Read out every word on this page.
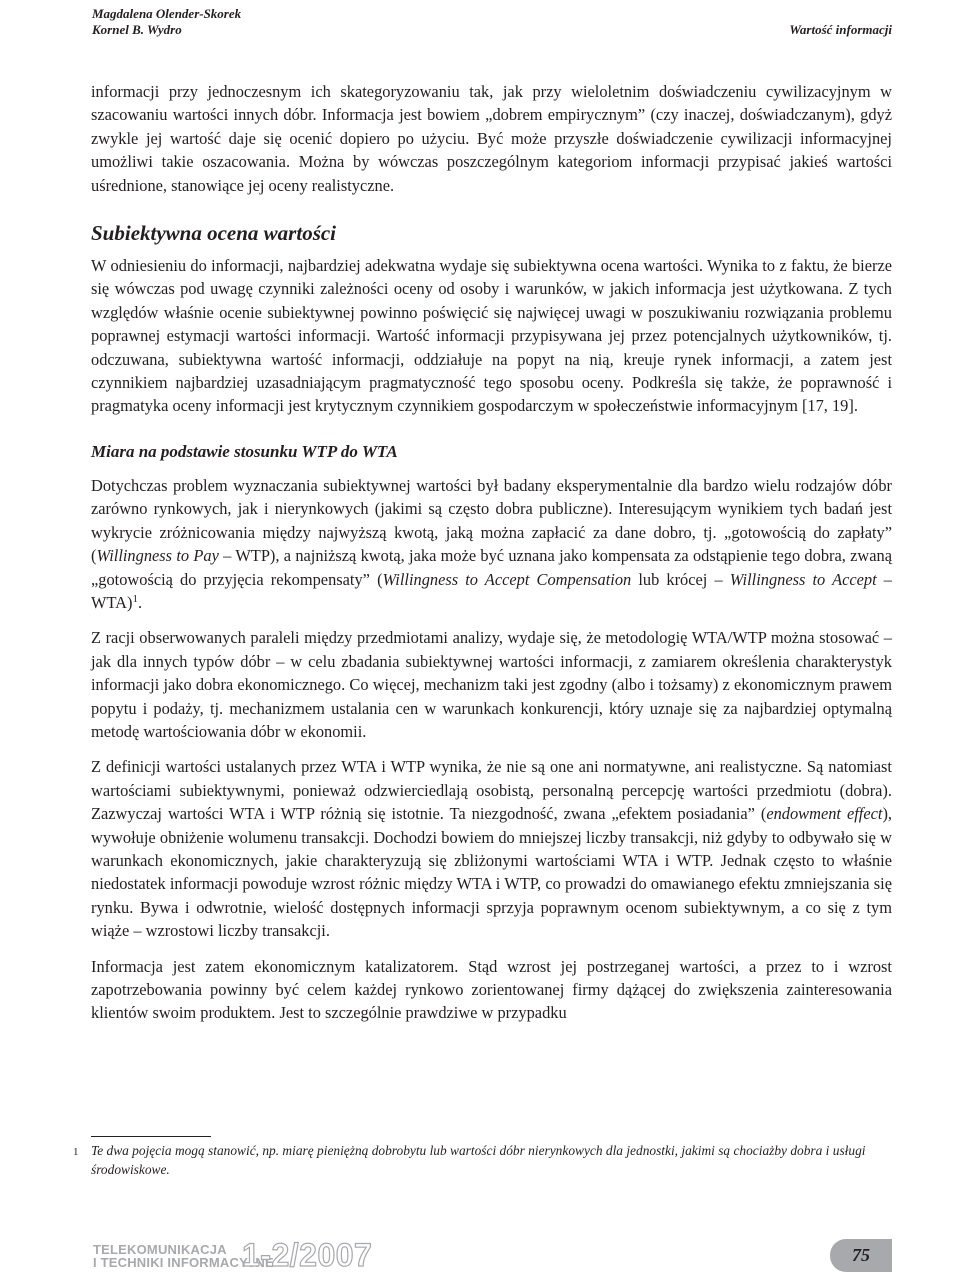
Magdalena Olender-Skorek
Kornel B. Wydro	Wartość informacji

informacji przy jednoczesnym ich skategoryzowaniu tak, jak przy wieloletnim doświadczeniu cywilizacyjnym w szacowaniu wartości innych dóbr. Informacja jest bowiem „dobrem empirycznym” (czy inaczej, doświadczanym), gdyż zwykle jej wartość daje się ocenić dopiero po użyciu. Być może przyszłe doświadczenie cywilizacji informacyjnej umożliwi takie oszacowania. Można by wówczas poszczególnym kategoriom informacji przypisać jakieś wartości uśrednione, stanowiące jej oceny realistyczne.

Subiektywna ocena wartości

W odniesieniu do informacji, najbardziej adekwatna wydaje się subiektywna ocena wartości. Wynika to z faktu, że bierze się wówczas pod uwagę czynniki zależności oceny od osoby i warunków, w jakich informacja jest użytkowana. Z tych względów właśnie ocenie subiektywnej powinno poświęcić się najwięcej uwagi w poszukiwaniu rozwiązania problemu poprawnej estymacji wartości informacji. Wartość informacji przypisywana jej przez potencjalnych użytkowników, tj. odczuwana, subiektywna wartość informacji, oddziałuje na popyt na nią, kreuje rynek informacji, a zatem jest czynnikiem najbardziej uzasadniającym pragmatyczność tego sposobu oceny. Podkreśla się także, że poprawność i pragmatyka oceny informacji jest krytycznym czynnikiem gospodarczym w społeczeństwie informacyjnym [17, 19].

Miara na podstawie stosunku WTP do WTA

Dotychczas problem wyznaczania subiektywnej wartości był badany eksperymentalnie dla bardzo wielu rodzajów dóbr zarówno rynkowych, jak i nierynkowych (jakimi są często dobra publiczne). Interesującym wynikiem tych badań jest wykrycie zróżnicowania między najwyższą kwotą, jaką można zapłacić za dane dobro, tj. „gotowością do zapłaty” (Willingness to Pay – WTP), a najniższą kwotą, jaka może być uznana jako kompensata za odstąpienie tego dobra, zwaną „gotowością do przyjęcia rekompensaty” (Willingness to Accept Compensation lub krócej – Willingness to Accept – WTA)$^1$.

Z racji obserwowanych paraleli między przedmiotami analizy, wydaje się, że metodologię WTA/WTP można stosować – jak dla innych typów dóbr – w celu zbadania subiektywnej wartości informacji, z zamiarem określenia charakterystyk informacji jako dobra ekonomicznego. Co więcej, mechanizm taki jest zgodny (albo i tożsamy) z ekonomicznym prawem popytu i podaży, tj. mechanizmem ustalania cen w warunkach konkurencji, który uznaje się za najbardziej optymalną metodę wartościowania dóbr w ekonomii.

Z definicji wartości ustalanych przez WTA i WTP wynika, że nie są one ani normatywne, ani realistyczne. Są natomiast wartościami subiektywnymi, ponieważ odzwierciedlają osobistą, personalną percepcję wartości przedmiotu (dobra). Zazwyczaj wartości WTA i WTP różnią się istotnie. Ta niezgodność, zwana „efektem posiadania” (endowment effect), wywołuje obniżenie wolumenu transakcji. Dochodzi bowiem do mniejszej liczby transakcji, niż gdyby to odbywało się w warunkach ekonomicznych, jakie charakteryzują się zbliżonymi wartościami WTA i WTP. Jednak często to właśnie niedostatek informacji powoduje wzrost różnic między WTA i WTP, co prowadzi do omawianego efektu zmniejszania się rynku. Bywa i odwrotnie, wielość dostępnych informacji sprzyja poprawnym ocenom subiektywnym, a co się z tym wiąże – wzrostowi liczby transakcji.

Informacja jest zatem ekonomicznym katalizatorem. Stąd wzrost jej postrzeganej wartości, a przez to i wzrost zapotrzebowania powinny być celem każdej rynkowo zorientowanej firmy dążącej do zwiększenia zainteresowania klientów swoim produktem. Jest to szczególnie prawdziwe w przypadku

1 Te dwa pojęcia mogą stanowić, np. miarę pieniężną dobrobytu lub wartości dóbr nierynkowych dla jednostki, jakimi są chociażby dobra i usługi środowiskowe.
TELEKOMUNIKACJA
I TECHNIKI INFORMACYJNE
1-2/2007	75
